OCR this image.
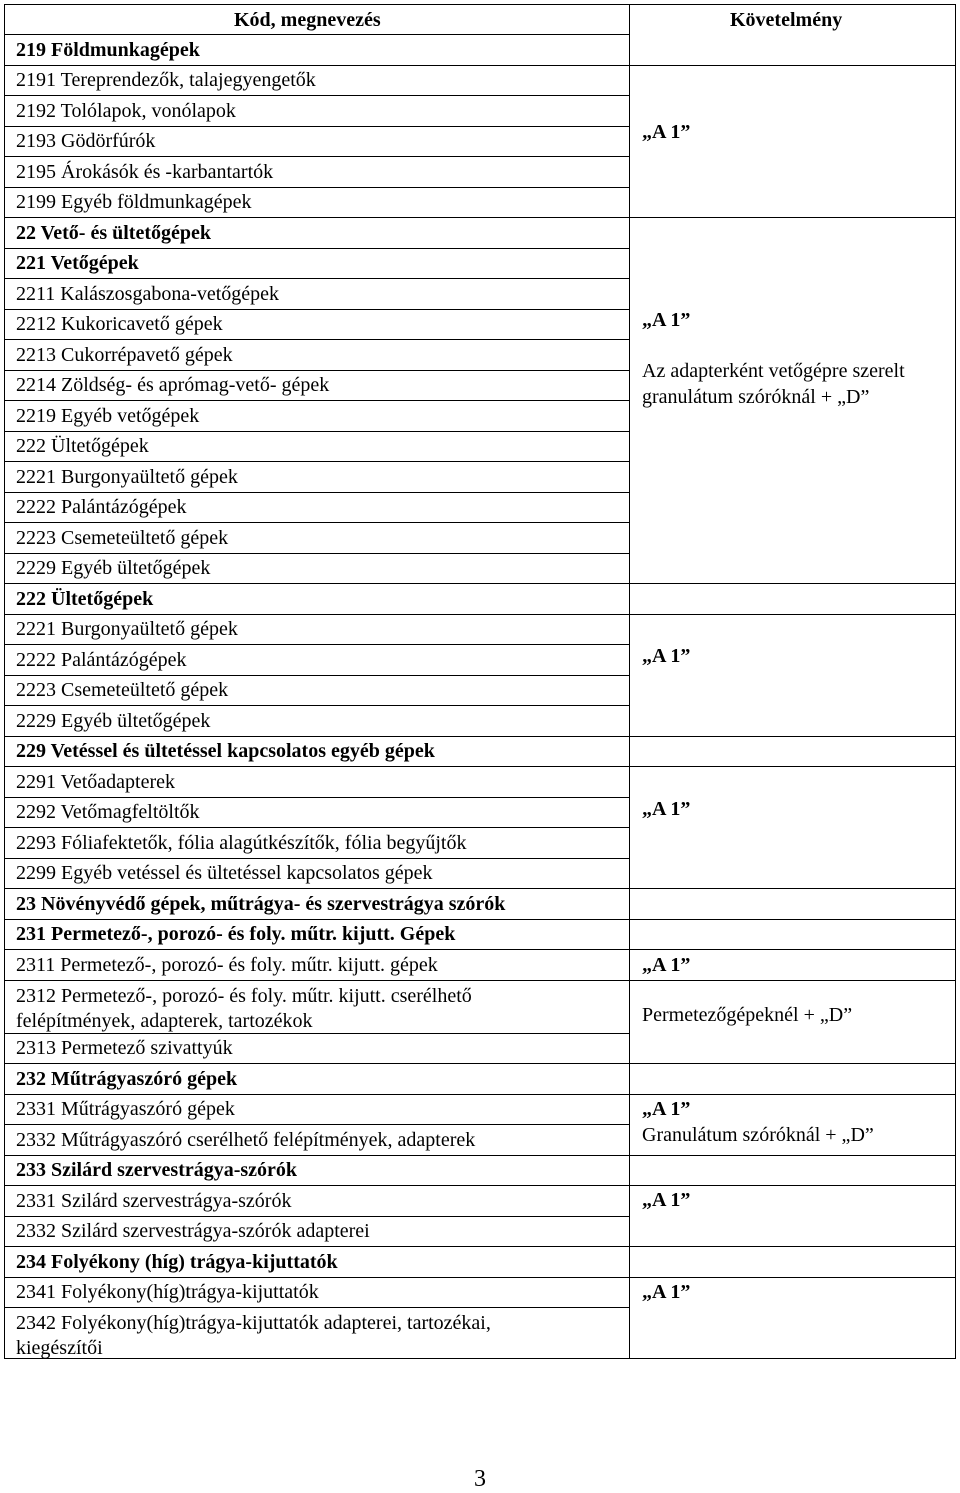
Kód, megnevezés	Követelmény
219 Földmunkagépek
2191 Tereprendezők, talajegyengetők
2192 Tolólapok, vonólapok
2193 Gödörfúrók
2195 Árokásók és -karbantartók
2199 Egyéb földmunkagépek
22 Vető- és ültetőgépek
221 Vetőgépek
2211 Kalászosgabona-vetőgépek
2212 Kukoricavető gépek
2213 Cukorrépavető gépek
2214 Zöldség- és aprómag-vető- gépek
2219 Egyéb vetőgépek
222 Ültetőgépek
2221 Burgonyaültető gépek
2222 Palántázógépek
2223 Csemeteültető gépek
2229 Egyéb ültetőgépek
222 Ültetőgépek
2221 Burgonyaültető gépek
2222 Palántázógépek
2223 Csemeteültető gépek
2229 Egyéb ültetőgépek
229 Vetéssel és ültetéssel kapcsolatos egyéb gépek
2291 Vetőadapterek
2292 Vetőmagfeltöltők
2293 Fóliafektetők, fólia alagútkészítők, fólia begyűjtők
2299 Egyéb vetéssel és ültetéssel kapcsolatos gépek
23 Növényvédő gépek, műtrágya- és szervestrágya szórók
231 Permetező-, porozó- és foly. műtr. kijutt. Gépek
2311 Permetező-, porozó- és foly. műtr. kijutt. gépek
2312 Permetező-, porozó- és foly. műtr. kijutt. cserélhető
felépítmények, adapterek, tartozékok
2313 Permetező szivattyúk
232 Műtrágyaszóró gépek
2331 Műtrágyaszóró gépek
2332 Műtrágyaszóró cserélhető felépítmények, adapterek
233 Szilárd szervestrágya-szórók
2331 Szilárd szervestrágya-szórók
2332 Szilárd szervestrágya-szórók adapterei
234 Folyékony (híg) trágya-kijuttatók
2341 Folyékony(híg)trágya-kijuttatók
2342 Folyékony(híg)trágya-kijuttatók adapterei, tartozékai,
kiegészítői
„A 1”
„A 1”
Az adapterként vetőgépre szerelt
granulátum szóróknál + „D”
„A 1”
„A 1”
„A 1”
Permetezőgépeknél + „D”
„A 1”
Granulátum szóróknál + „D”
„A 1”
„A 1”
3
